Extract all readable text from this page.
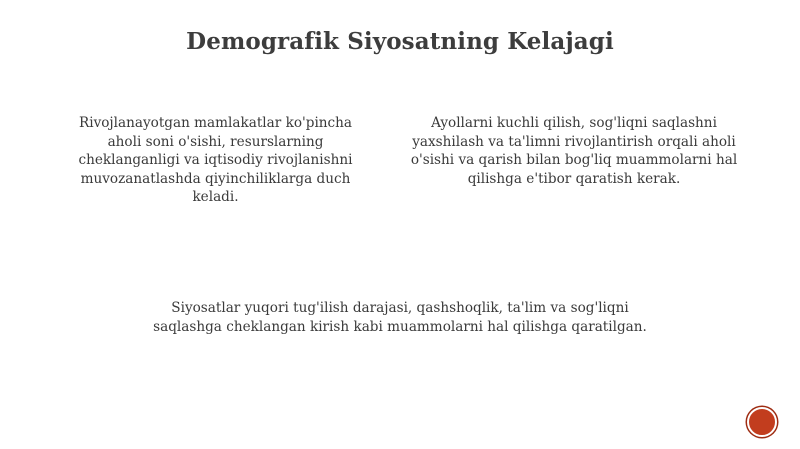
Demografik Siyosatning Kelajagi
Rivojlanayotgan mamlakatlar ko'pincha
aholi soni o'sishi, resurslarning
cheklanganligi va iqtisodiy rivojlanishni
muvozanatlashda qiyinchiliklarga duch
keladi.
Ayollarni kuchli qilish, sog'liqni saqlashni
yaxshilash va ta'limni rivojlantirish orqali aholi
o'sishi va qarish bilan bog'liq muammolarni hal
qilishga e'tibor qaratish kerak.
Siyosatlar yuqori tug'ilish darajasi, qashshoqlik, ta'lim va sog'liqni
saqlashga cheklangan kirish kabi muammolarni hal qilishga qaratilgan.
